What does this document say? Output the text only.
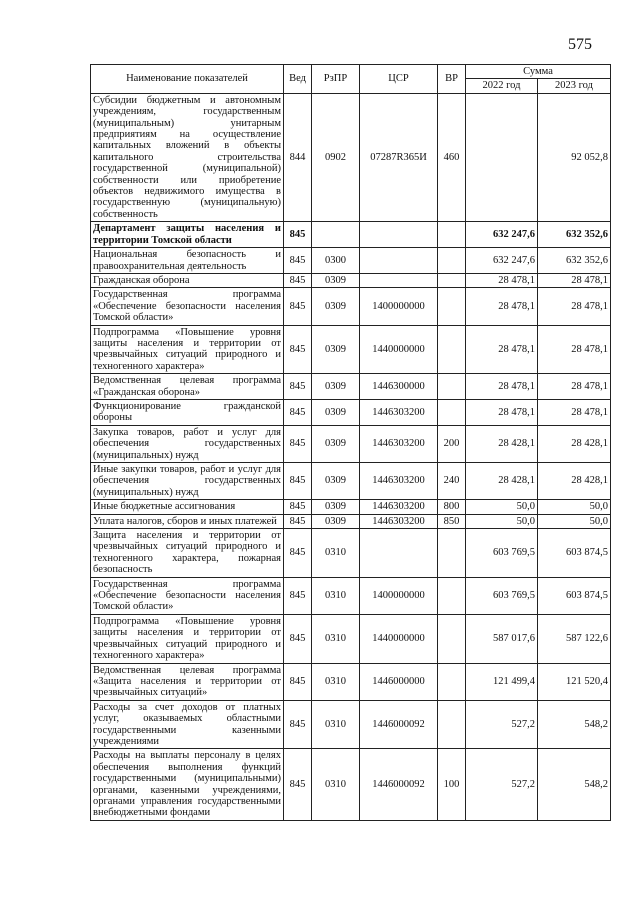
575
Наименование показателей	Вед	РзПР	ЦСР	ВР	Сумма	
					2022 год	2023 год
Субсидии бюджетным и автономным учреждениям, государственным (муниципальным) унитарным предприятиям на осуществление капитальных вложений в объекты капитального строительства государственной (муниципальной) собственности или приобретение объектов недвижимого имущества в государственную (муниципальную) собственность	844	0902	07287R365И	460		92 052,8
Департамент защиты населения и территории Томской области	845				632 247,6	632 352,6
Национальная безопасность и правоохранительная деятельность	845	0300			632 247,6	632 352,6
Гражданская оборона	845	0309			28 478,1	28 478,1
Государственная программа «Обеспечение безопасности населения Томской области»	845	0309	1400000000		28 478,1	28 478,1
Подпрограмма «Повышение уровня защиты населения и территории от чрезвычайных ситуаций природного и техногенного характера»	845	0309	1440000000		28 478,1	28 478,1
Ведомственная целевая программа «Гражданская оборона»	845	0309	1446300000		28 478,1	28 478,1
Функционирование гражданской обороны	845	0309	1446303200		28 478,1	28 478,1
Закупка товаров, работ и услуг для обеспечения государственных (муниципальных) нужд	845	0309	1446303200	200	28 428,1	28 428,1
Иные закупки товаров, работ и услуг для обеспечения государственных (муниципальных) нужд	845	0309	1446303200	240	28 428,1	28 428,1
Иные бюджетные ассигнования	845	0309	1446303200	800	50,0	50,0
Уплата налогов, сборов и иных платежей	845	0309	1446303200	850	50,0	50,0
Защита населения и территории от чрезвычайных ситуаций природного и техногенного характера, пожарная безопасность	845	0310			603 769,5	603 874,5
Государственная программа «Обеспечение безопасности населения Томской области»	845	0310	1400000000		603 769,5	603 874,5
Подпрограмма «Повышение уровня защиты населения и территории от чрезвычайных ситуаций природного и техногенного характера»	845	0310	1440000000		587 017,6	587 122,6
Ведомственная целевая программа «Защита населения и территории от чрезвычайных ситуаций»	845	0310	1446000000		121 499,4	121 520,4
Расходы за счет доходов от платных услуг, оказываемых областными государственными казенными учреждениями	845	0310	1446000092		527,2	548,2
Расходы на выплаты персоналу в целях обеспечения выполнения функций государственными (муниципальными) органами, казенными учреждениями, органами управления государственными внебюджетными фондами	845	0310	1446000092	100	527,2	548,2
